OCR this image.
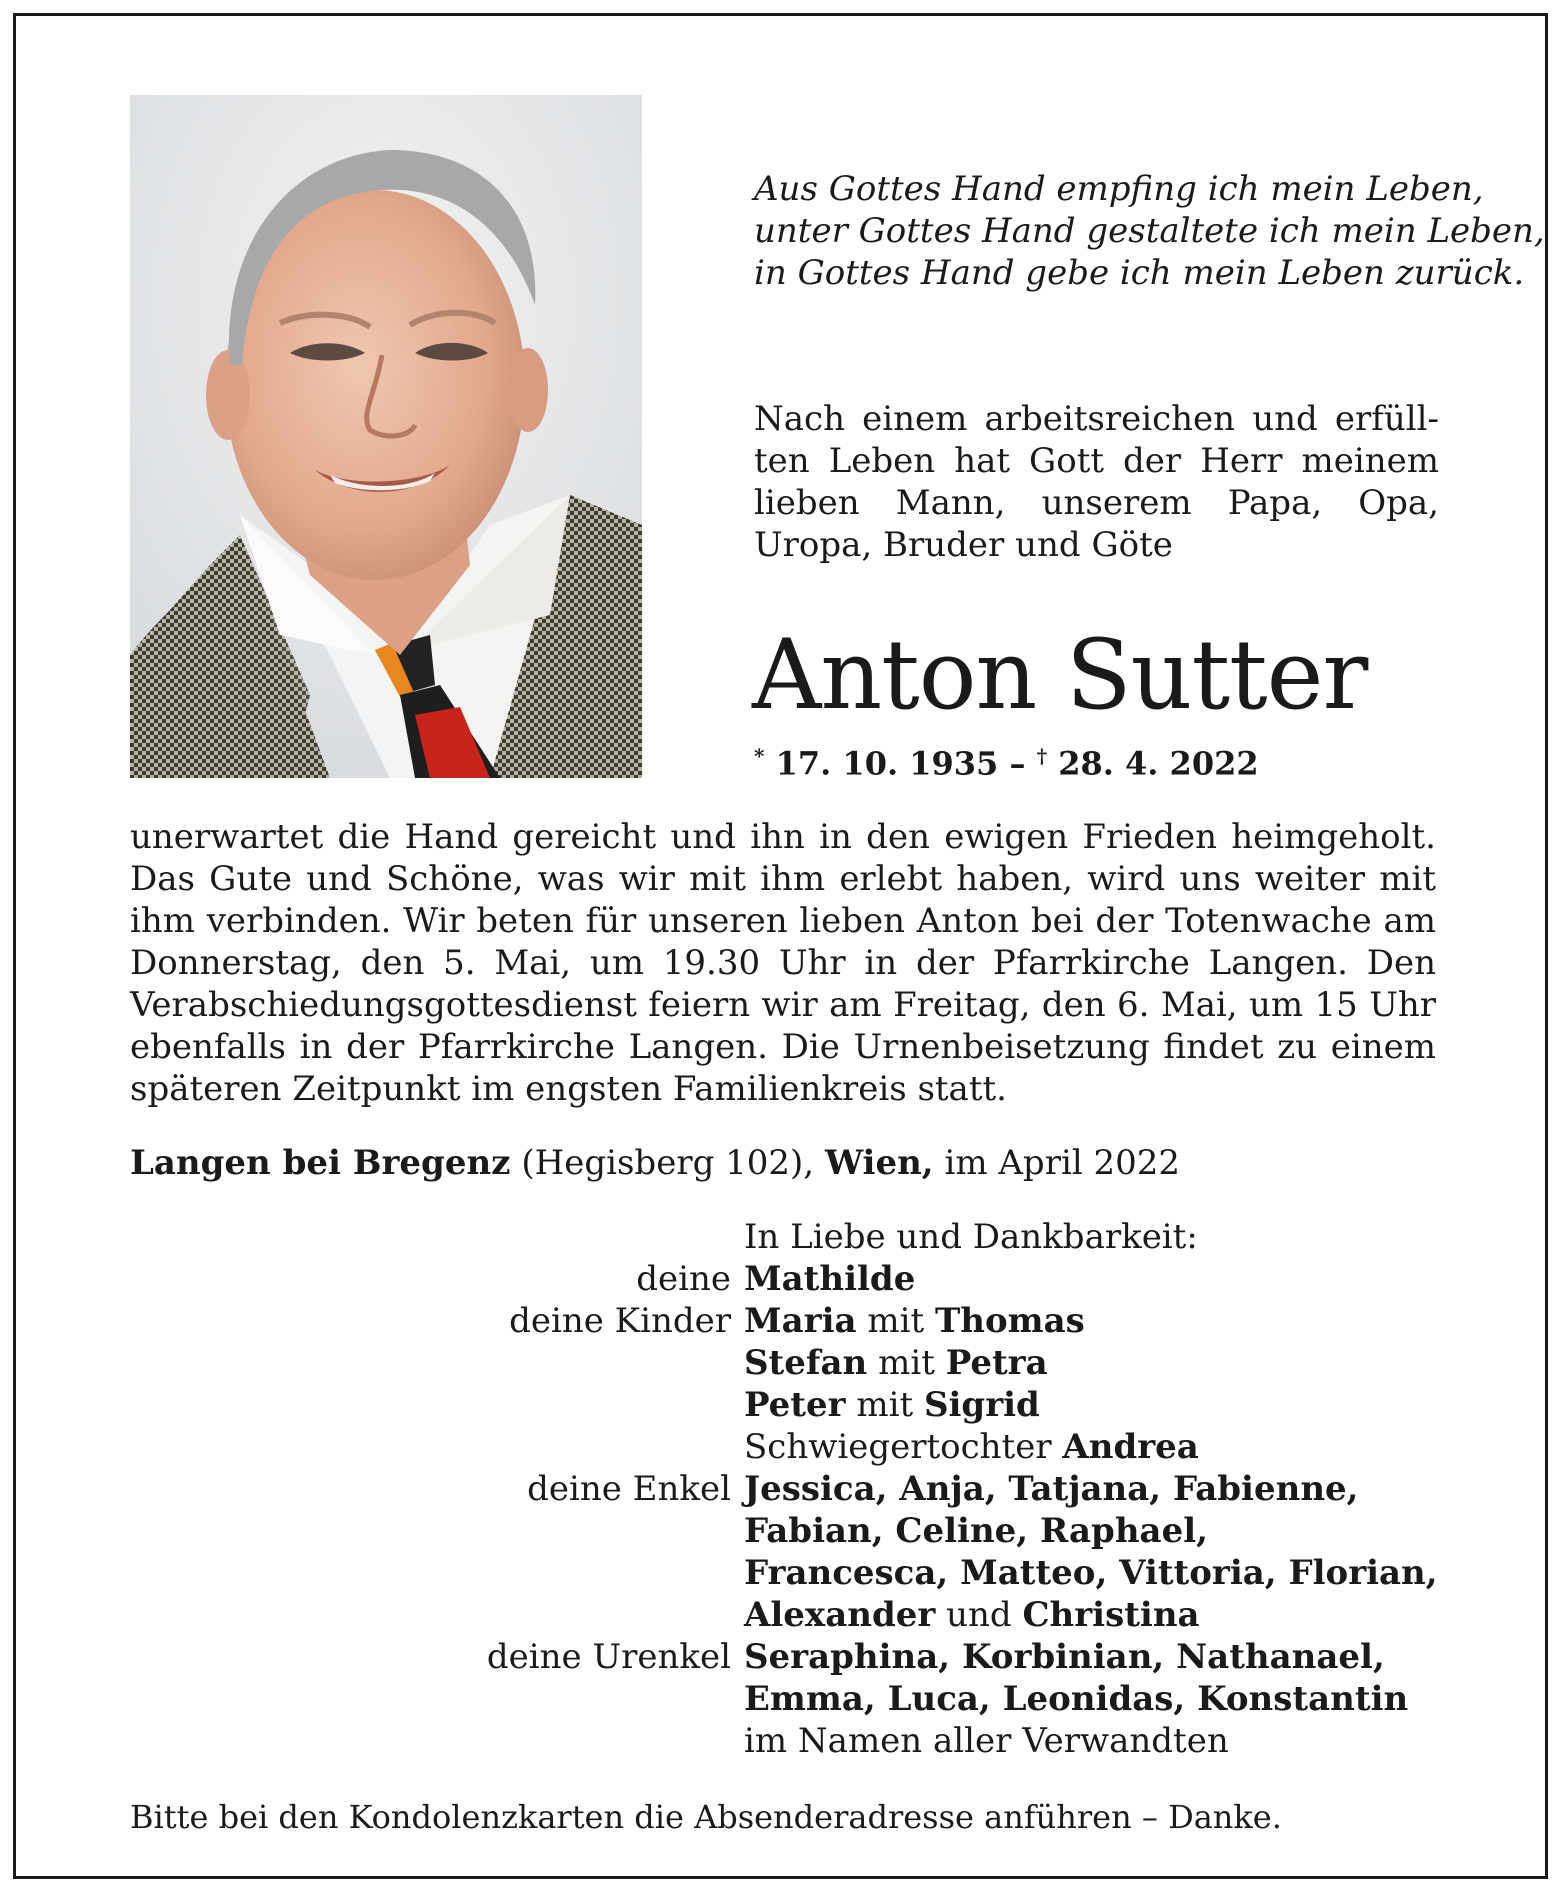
Aus Gottes Hand empfing ich mein Leben,
unter Gottes Hand gestaltete ich mein Leben,
in Gottes Hand gebe ich mein Leben zurück.
Nach einem arbeitsreichen und erfüllten Leben hat Gott der Herr meinem lieben Mann, unserem Papa, Opa, Uropa, Bruder und Göte
Anton Sutter
* 17. 10. 1935 – † 28. 4. 2022
unerwartet die Hand gereicht und ihn in den ewigen Frieden heimgeholt. Das Gute und Schöne, was wir mit ihm erlebt haben, wird uns weiter mit ihm verbinden. Wir beten für unseren lieben Anton bei der Totenwache am Donnerstag, den 5. Mai, um 19.30 Uhr in der Pfarrkirche Langen. Den Verabschiedungsgottesdienst feiern wir am Freitag, den 6. Mai, um 15 Uhr ebenfalls in der Pfarrkirche Langen. Die Urnenbeisetzung findet zu einem späteren Zeitpunkt im engsten Familienkreis statt.
Langen bei Bregenz (Hegisberg 102), Wien, im April 2022
In Liebe und Dankbarkeit:
deine Mathilde
deine Kinder Maria mit Thomas
Stefan mit Petra
Peter mit Sigrid
Schwiegertochter Andrea
deine Enkel Jessica, Anja, Tatjana, Fabienne,
Fabian, Celine, Raphael,
Francesca, Matteo, Vittoria, Florian,
Alexander und Christina
deine Urenkel Seraphina, Korbinian, Nathanael,
Emma, Luca, Leonidas, Konstantin
im Namen aller Verwandten
Bitte bei den Kondolenzkarten die Absenderadresse anführen – Danke.
